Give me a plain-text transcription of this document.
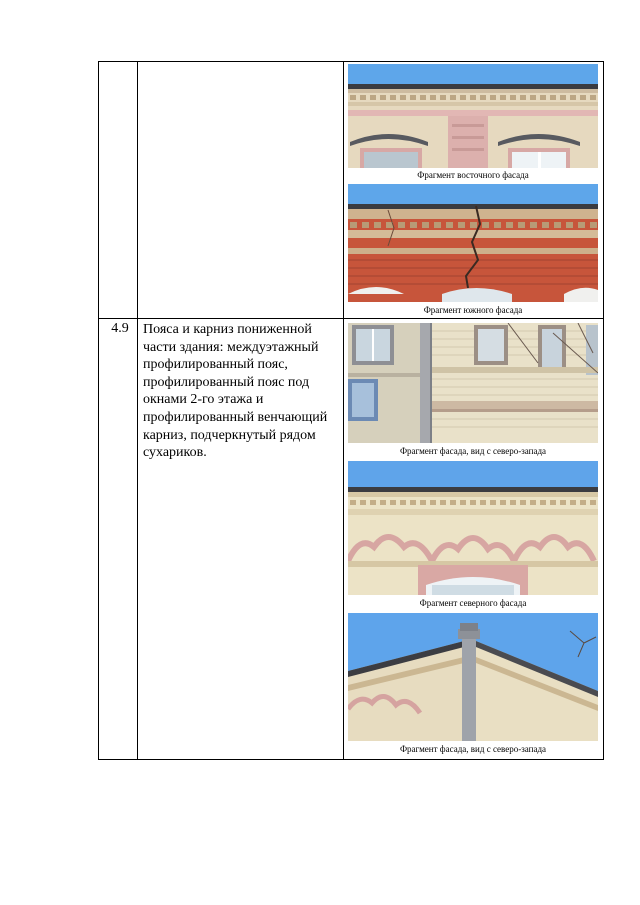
Фрагмент восточного фасада
Фрагмент южного фасада
4.9	Пояса и карниз пониженной части здания: междуэтажный профилированный пояс, профилированный пояс под окнами 2-го этажа и профилированный венчающий карниз, подчеркнутый рядом сухариков.	Фрагмент фасада, вид с северо-запада
Фрагмент северного фасада
Фрагмент фасада, вид с северо-запада
